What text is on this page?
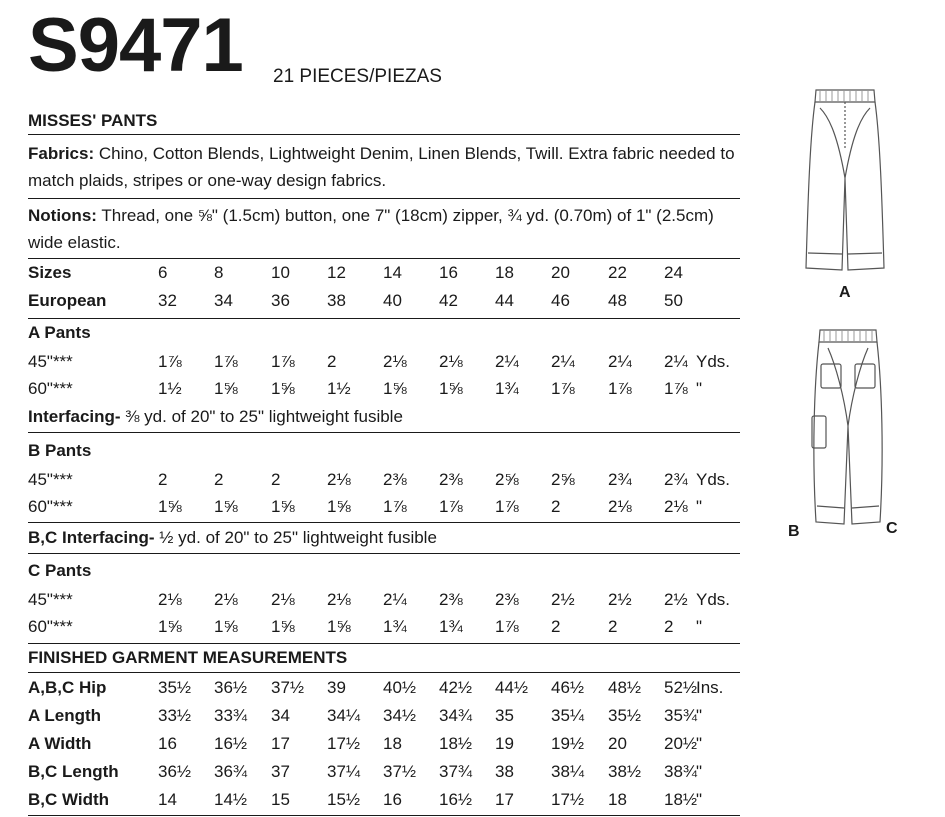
S9471 21 PIECES/PIEZAS
MISSES' PANTS
Fabrics: Chino, Cotton Blends, Lightweight Denim, Linen Blends, Twill. Extra fabric needed to match plaids, stripes or one-way design fabrics.
Notions: Thread, one ⅝" (1.5cm) button, one 7" (18cm) zipper, ¾ yd. (0.70m) of 1" (2.5cm) wide elastic.
Sizes	6	8	10 12 14 16 18 20 22 24
European	32 34 36 38 40 42 44 46 48 50
A Pants
45"***	1⅞ 1⅞ 1⅞ 2	2⅛ 2⅛ 2¼ 2¼ 2¼ 2¼ Yds.
60"***	1½ 1⅝ 1⅝ 1½ 1⅝ 1⅝ 1¾ 1⅞ 1⅞ 1⅞ "
Interfacing- ⅜ yd. of 20" to 25" lightweight fusible
B Pants
45"***	2	2	2	2⅛ 2⅜ 2⅜ 2⅝ 2⅝ 2¾ 2¾ Yds.
60"***	1⅝ 1⅝ 1⅝ 1⅝ 1⅞ 1⅞ 1⅞ 2	2⅛ 2⅛ "
B,C Interfacing- ½ yd. of 20" to 25" lightweight fusible
C Pants
45"***	2⅛ 2⅛ 2⅛ 2⅛ 2¼ 2⅜ 2⅜ 2½ 2½ 2½ Yds.
60"***	1⅝ 1⅝ 1⅝ 1⅝ 1¾ 1¾ 1⅞ 2	2	2 "
FINISHED GARMENT MEASUREMENTS
A,B,C Hip	35½ 36½ 37½ 39 40½ 42½ 44½ 46½ 48½ 52½
Ins.
A Length	33½ 33¾ 34 34¼ 34½ 34¾ 35 35¼ 35½ 35¾
"
A Width	16 16½ 17 17½ 18 18½ 19 19½ 20 20½
"
B,C Length 36½ 36¾ 37 37¼ 37½ 37¾ 38 38¼ 38½ 38¾
"
B,C Width	14 14½ 15 15½ 16 16½ 17 17½ 18 18½
"
A
B	C
